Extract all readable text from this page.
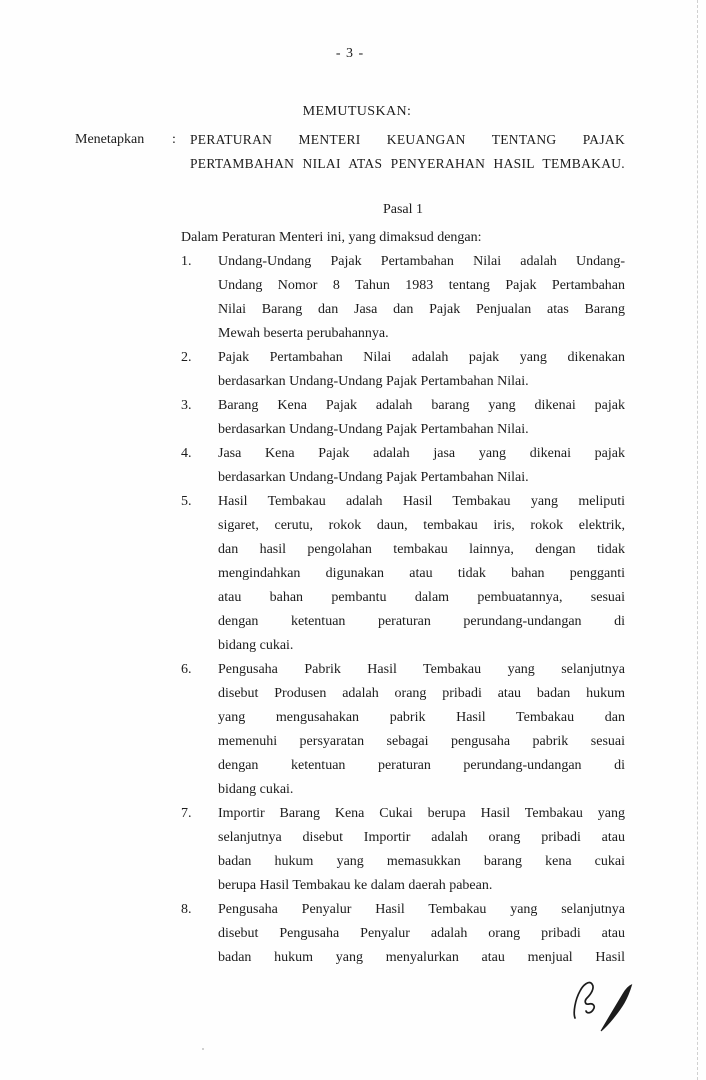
- 3 -
MEMUTUSKAN:
Menetapkan	:	PERATURAN MENTERI KEUANGAN TENTANG PAJAK
PERTAMBAHAN NILAI ATAS PENYERAHAN HASIL TEMBAKAU.
Pasal 1
Dalam Peraturan Menteri ini, yang dimaksud dengan:
1.	Undang-Undang Pajak Pertambahan Nilai adalah Undang-
Undang Nomor 8 Tahun 1983 tentang Pajak Pertambahan
Nilai Barang dan Jasa dan Pajak Penjualan atas Barang
Mewah beserta perubahannya.
2.	Pajak Pertambahan Nilai adalah pajak yang dikenakan
berdasarkan Undang-Undang Pajak Pertambahan Nilai.
3.	Barang Kena Pajak adalah barang yang dikenai pajak
berdasarkan Undang-Undang Pajak Pertambahan Nilai.
4.	Jasa Kena Pajak adalah jasa yang dikenai pajak
berdasarkan Undang-Undang Pajak Pertambahan Nilai.
5.	Hasil Tembakau adalah Hasil Tembakau yang meliputi
sigaret, cerutu, rokok daun, tembakau iris, rokok elektrik,
dan hasil pengolahan tembakau lainnya, dengan tidak
mengindahkan digunakan atau tidak bahan pengganti
atau bahan pembantu dalam pembuatannya, sesuai
dengan ketentuan peraturan perundang-undangan di
bidang cukai.
6.	Pengusaha Pabrik Hasil Tembakau yang selanjutnya
disebut Produsen adalah orang pribadi atau badan hukum
yang mengusahakan pabrik Hasil Tembakau dan
memenuhi persyaratan sebagai pengusaha pabrik sesuai
dengan ketentuan peraturan perundang-undangan di
bidang cukai.
7.	Importir Barang Kena Cukai berupa Hasil Tembakau yang
selanjutnya disebut Importir adalah orang pribadi atau
badan hukum yang memasukkan barang kena cukai
berupa Hasil Tembakau ke dalam daerah pabean.
8.	Pengusaha Penyalur Hasil Tembakau yang selanjutnya
disebut Pengusaha Penyalur adalah orang pribadi atau
badan hukum yang menyalurkan atau menjual Hasil
